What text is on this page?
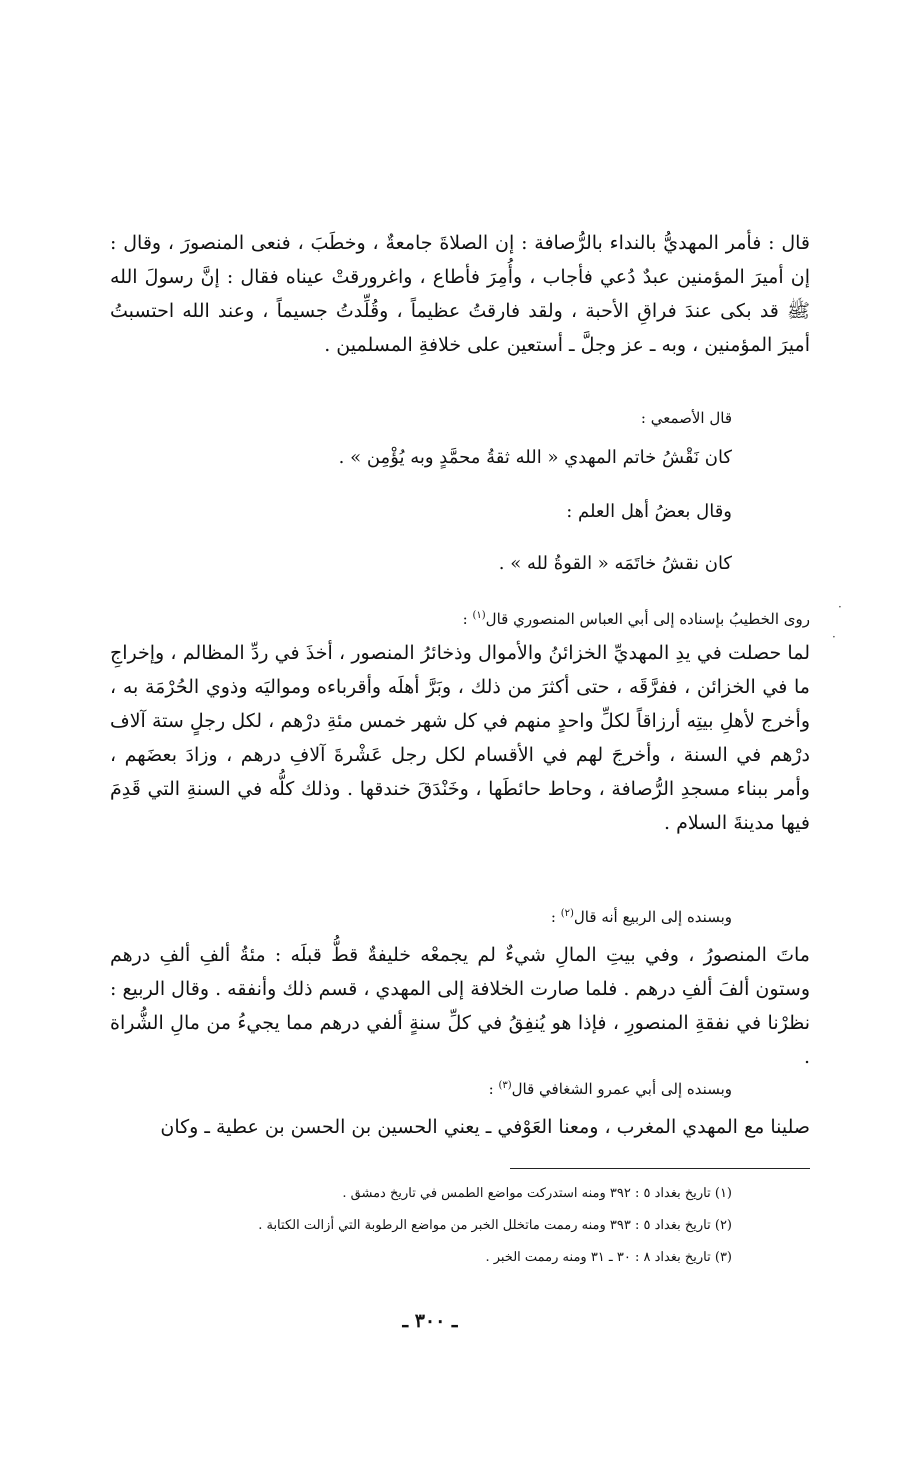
قال : فأمر المهديُّ بالنداء بالرُّصافة : إن الصلاةَ جامعةٌ ، وخطَبَ ، فنعى المنصورَ ، وقال : إن أميرَ المؤمنين عبدٌ دُعي فأجاب ، وأُمِرَ فأطاع ، واغرورقتْ عيناه فقال : إنَّ رسولَ الله ﷺ قد بكى عندَ فراقِ الأحبة ، ولقد فارقتُ عظيماً ، وقُلِّدتُ جسيماً ، وعند الله احتسبتُ أميرَ المؤمنين ، وبه ـ عز وجلَّ ـ أستعين على خلافةِ المسلمين .

قال الأصمعي :
كان نَقْشُ خاتم المهدي « الله ثقةُ محمَّدٍ وبه يُؤْمِن » .
وقال بعضُ أهل العلم :
كان نقشُ خاتَمَه « القوةُ لله » .
روى الخطيبُ بإسناده إلى أبي العباس المنصوري قال$^{(١)}$ :

لما حصلت في يدِ المهديِّ الخزائنُ والأموال وذخائرُ المنصور ، أخذَ في ردِّ المظالم ، وإخراجِ ما في الخزائن ، ففرَّقَه ، حتى أكثرَ من ذلك ، وبَرَّ أهلَه وأقرباءه ومواليَه وذوي الحُرْمَة به ، وأخرج لأهلِ بيتِه أرزاقاً لكلِّ واحدٍ منهم في كل شهر خمس مئةِ درْهم ، لكل رجلٍ ستة آلاف درْهم في السنة ، وأخرجَ لهم في الأقسام لكل رجل عَشْرةَ آلافِ درهم ، وزادَ بعضَهم ، وأمر ببناء مسجدِ الرُّصافة ، وحاط حائطَها ، وخَنْدَقَ خندقها . وذلك كلُّه في السنةِ التي قَدِمَ فيها مدينةَ السلام .

وبسنده إلى الربيع أنه قال$^{(٢)}$ :

ماتَ المنصورُ ، وفي بيتِ المالِ شيءٌ لم يجمعْه خليفةٌ قطُّ قبلَه : مئةُ ألفِ ألفِ درهم وستون ألفَ ألفِ درهم . فلما صارت الخلافة إلى المهدي ، قسم ذلك وأنفقه . وقال الربيع : نظرْنا في نفقةِ المنصورِ ، فإذا هو يُنفِقُ في كلِّ سنةٍ ألفي درهم مما يجيءُ من مالِ الشُّراة .

وبسنده إلى أبي عمرو الشغافي قال$^{(٣)}$ :

صلينا مع المهدي المغرب ، ومعنا العَوْفي ـ يعني الحسين بن الحسن بن عطية ـ وكان

(١) تاريخ بغداد ٥ : ٣٩٢ ومنه استدركت مواضع الطمس في تاريخ دمشق .
(٢) تاريخ بغداد ٥ : ٣٩٣ ومنه رممت ماتخلل الخبر من مواضع الرطوبة التي أزالت الكتابة .
(٣) تاريخ بغداد ٨ : ٣٠ ـ ٣١ ومنه رممت الخبر .
ـ ٣٠٠ ـ
·
·
